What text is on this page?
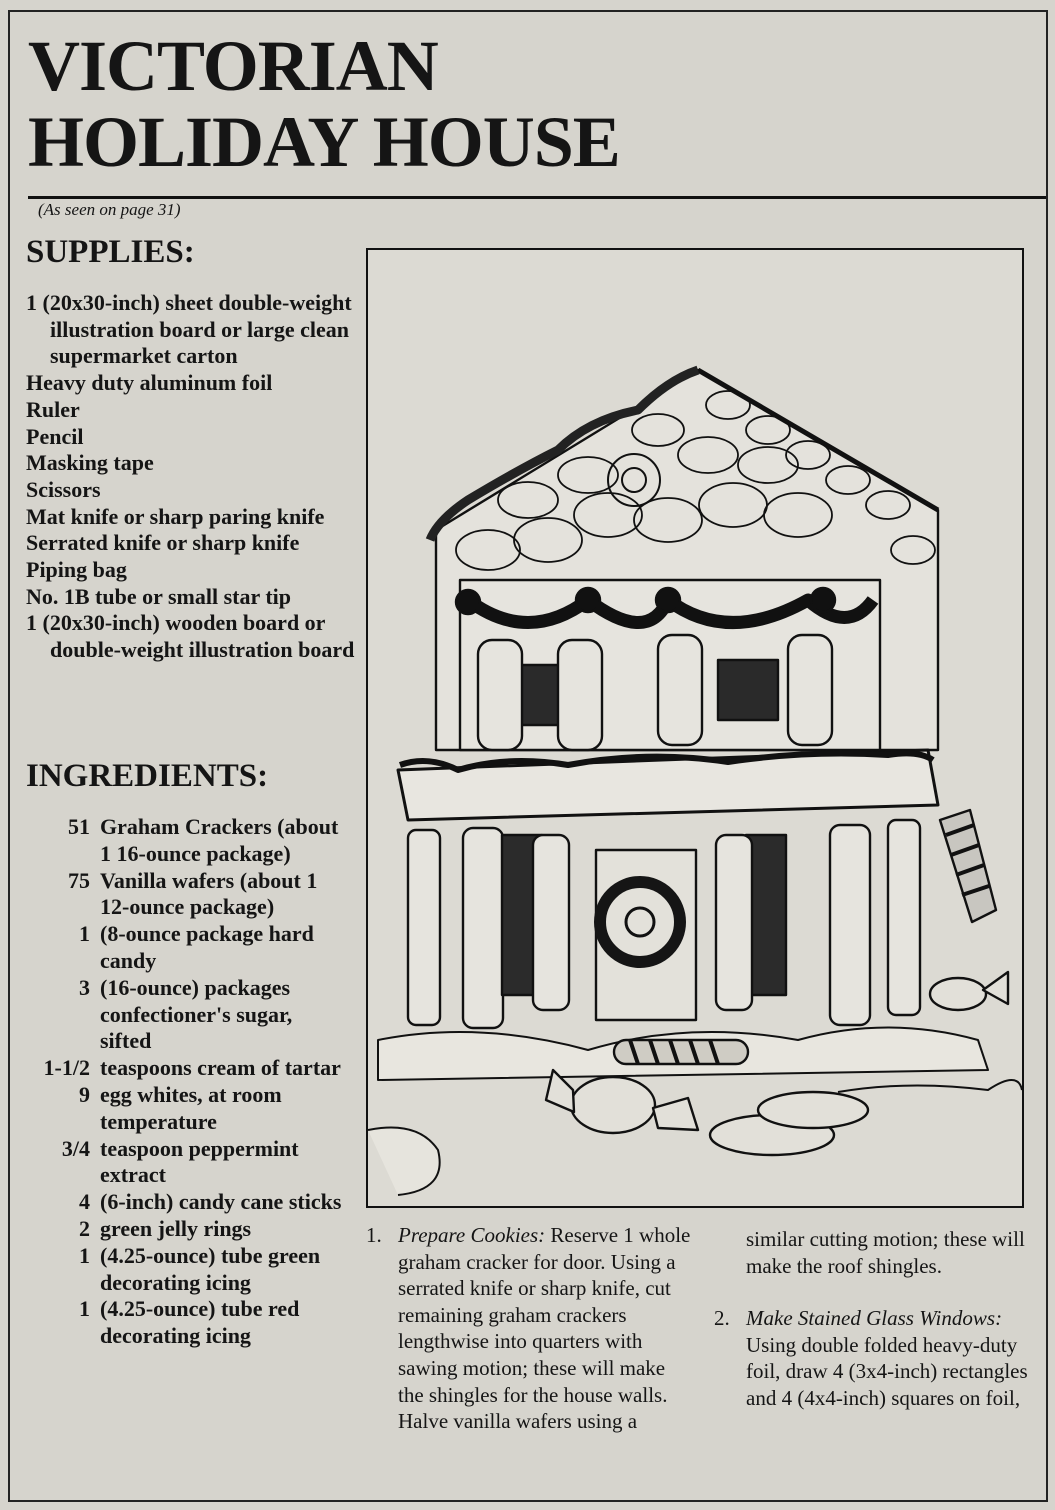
VICTORIAN
HOLIDAY HOUSE
(As seen on page 31)
SUPPLIES:
1 (20x30-inch) sheet double-weight illustration board or large clean supermarket carton
Heavy duty aluminum foil
Ruler
Pencil
Masking tape
Scissors
Mat knife or sharp paring knife
Serrated knife or sharp knife
Piping bag
No. 1B tube or small star tip
1 (20x30-inch) wooden board or double-weight illustration board
INGREDIENTS:
51 Graham Crackers (about 1 16-ounce package)
75 Vanilla wafers (about 1 12-ounce package)
1 (8-ounce package hard candy
3 (16-ounce) packages confectioner's sugar, sifted
1-1/2 teaspoons cream of tartar
9 egg whites, at room temperature
3/4 teaspoon peppermint extract
4 (6-inch) candy cane sticks
2 green jelly rings
1 (4.25-ounce) tube green decorating icing
1 (4.25-ounce) tube red decorating icing
1. Prepare Cookies: Reserve 1 whole graham cracker for door. Using a serrated knife or sharp knife, cut remaining graham crackers lengthwise into quarters with sawing motion; these will make the shingles for the house walls. Halve vanilla wafers using a
similar cutting motion; these will make the roof shingles.
2. Make Stained Glass Windows: Using double folded heavy-duty foil, draw 4 (3x4-inch) rectangles and 4 (4x4-inch) squares on foil,
